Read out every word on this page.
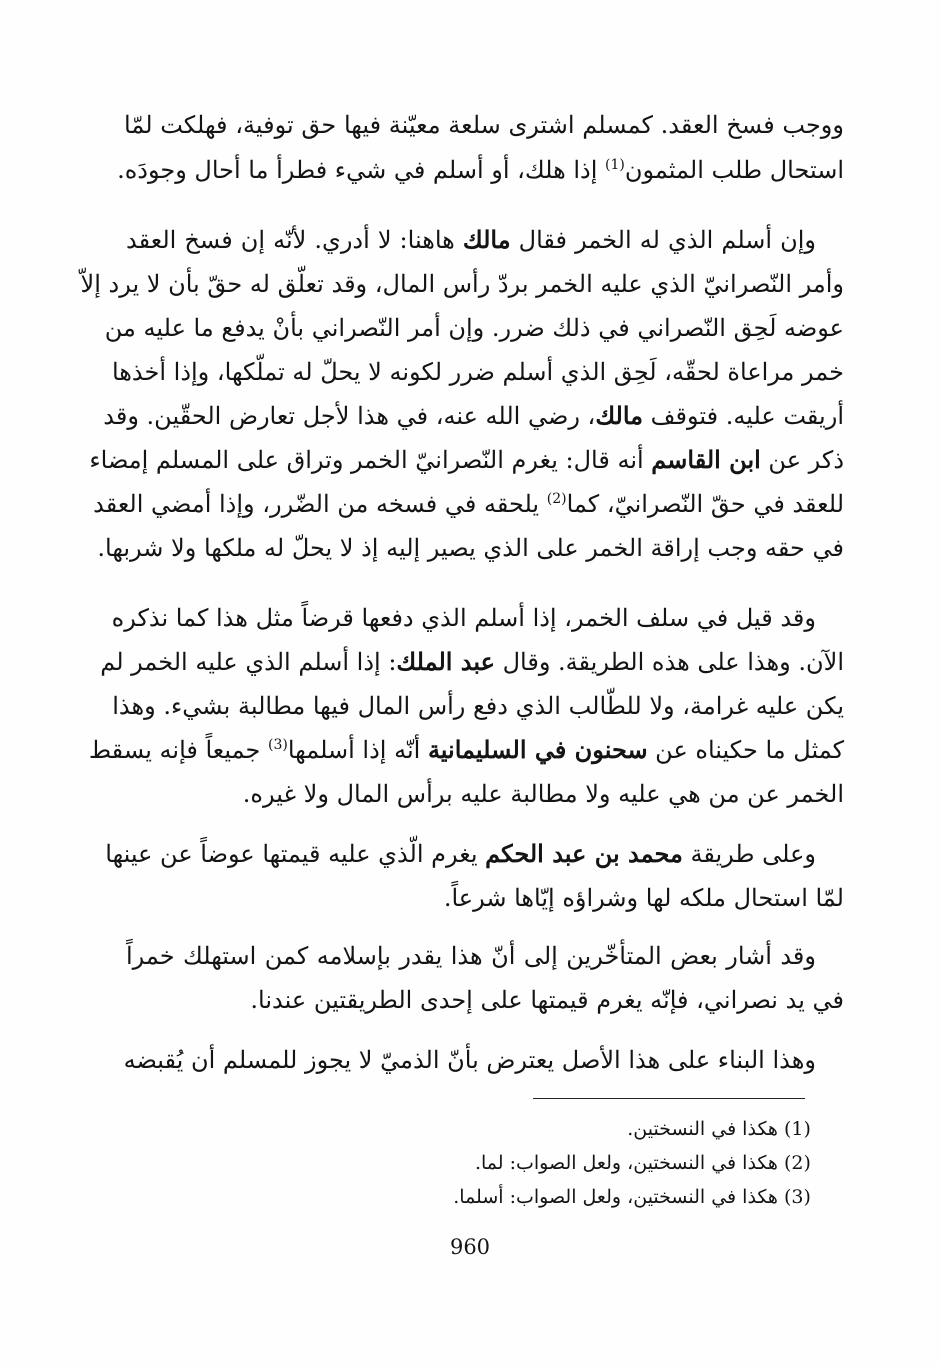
ووجب فسخ العقد. كمسلم اشترى سلعة معيّنة فيها حق توفية، فهلكت لمّا
استحال طلب المثمون$^{(1)}$ إذا هلك، أو أسلم في شيء فطرأ ما أحال وجودَه.
وإن أسلم الذي له الخمر فقال مالك هاهنا: لا أدري. لأنّه إن فسخ العقد
وأمر النّصرانيّ الذي عليه الخمر بردّ رأس المال، وقد تعلّق له حقّ بأن لا يرد إلاّ
عوضه لَحِق النّصراني في ذلك ضرر. وإن أمر النّصراني بأنْ يدفع ما عليه من
خمر مراعاة لحقّه، لَحِق الذي أسلم ضرر لكونه لا يحلّ له تملّكها، وإذا أخذها
أريقت عليه. فتوقف مالك، رضي الله عنه، في هذا لأجل تعارض الحقّين. وقد
ذكر عن ابن القاسم أنه قال: يغرم النّصرانيّ الخمر وتراق على المسلم إمضاء
للعقد في حقّ النّصرانيّ، كما$^{(2)}$ يلحقه في فسخه من الضّرر، وإذا أمضي العقد
في حقه وجب إراقة الخمر على الذي يصير إليه إذ لا يحلّ له ملكها ولا شربها.
وقد قيل في سلف الخمر، إذا أسلم الذي دفعها قرضاً مثل هذا كما نذكره
الآن. وهذا على هذه الطريقة. وقال عبد الملك: إذا أسلم الذي عليه الخمر لم
يكن عليه غرامة، ولا للطّالب الذي دفع رأس المال فيها مطالبة بشيء. وهذا
كمثل ما حكيناه عن سحنون في السليمانية أنّه إذا أسلمها$^{(3)}$ جميعاً فإنه يسقط
الخمر عن من هي عليه ولا مطالبة عليه برأس المال ولا غيره.
وعلى طريقة محمد بن عبد الحكم يغرم الّذي عليه قيمتها عوضاً عن عينها
لمّا استحال ملكه لها وشراؤه إيّاها شرعاً.
وقد أشار بعض المتأخّرين إلى أنّ هذا يقدر بإسلامه كمن استهلك خمراً
في يد نصراني، فإنّه يغرم قيمتها على إحدى الطريقتين عندنا.
وهذا البناء على هذا الأصل يعترض بأنّ الذميّ لا يجوز للمسلم أن يُقبضه
(1) هكذا في النسختين.
(2) هكذا في النسختين، ولعل الصواب: لما.
(3) هكذا في النسختين، ولعل الصواب: أسلما.
960
